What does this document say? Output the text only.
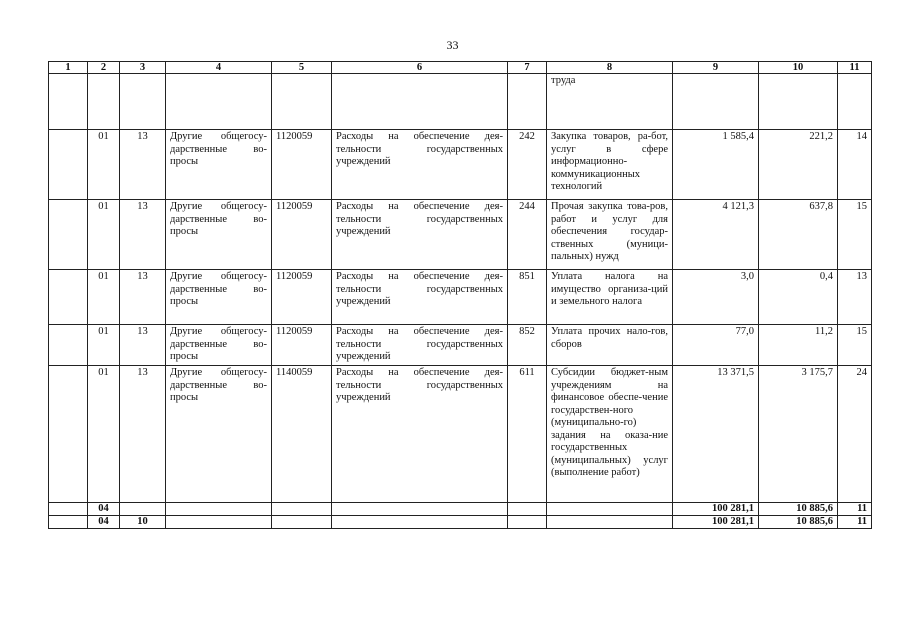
33
1	2	3	4	5	6	7	8	9	10	11
							труда			
	01	13	Другие общегосу-дарственные во-просы	1120059	Расходы на обеспечение дея-тельности государственных учреждений	242	Закупка товаров, ра-бот, услуг в сфере информационно-коммуникационных технологий	1 585,4	221,2	14
	01	13	Другие общегосу-дарственные во-просы	1120059	Расходы на обеспечение дея-тельности государственных учреждений	244	Прочая закупка това-ров, работ и услуг для обеспечения государ-ственных (муници-пальных) нужд	4 121,3	637,8	15
	01	13	Другие общегосу-дарственные во-просы	1120059	Расходы на обеспечение дея-тельности государственных учреждений	851	Уплата налога на имущество организа-ций и земельного налога	3,0	0,4	13
	01	13	Другие общегосу-дарственные во-просы	1120059	Расходы на обеспечение дея-тельности государственных учреждений	852	Уплата прочих нало-гов, сборов	77,0	11,2	15
	01	13	Другие общегосу-дарственные во-просы	1140059	Расходы на обеспечение дея-тельности государственных учреждений	611	Субсидии бюджет-ным учреждениям на финансовое обеспе-чение государствен-ного (муниципально-го) задания на оказа-ние государственных (муниципальных) услуг (выполнение работ)	13 371,5	3 175,7	24
	04							100 281,1	10 885,6	11
	04	10						100 281,1	10 885,6	11
